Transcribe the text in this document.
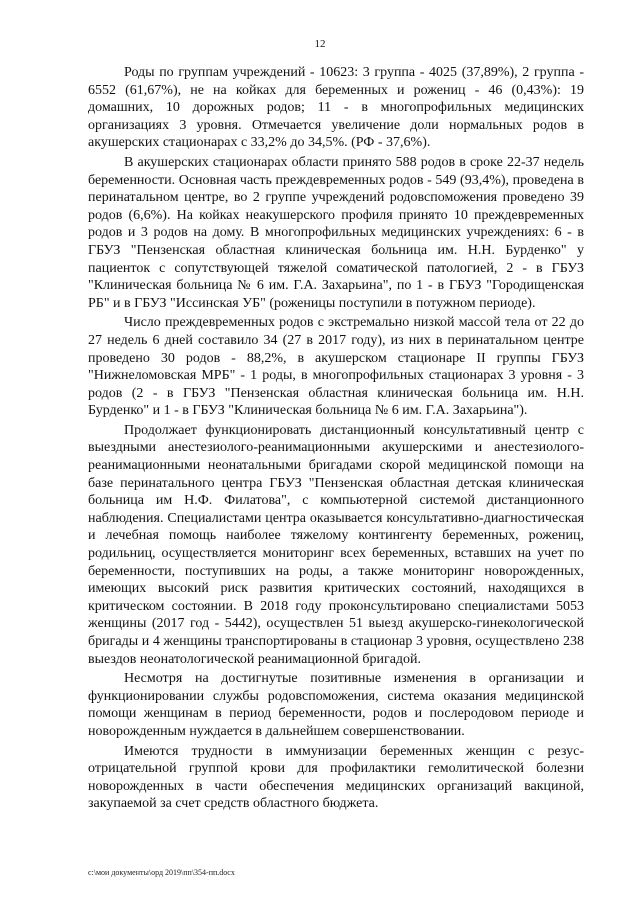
12

Роды по группам учреждений - 10623: 3 группа - 4025 (37,89%), 2 группа - 6552 (61,67%), не на койках для беременных и рожениц - 46 (0,43%): 19 домашних, 10 дорожных родов; 11 - в многопрофильных медицинских организациях 3 уровня. Отмечается увеличение доли нормальных родов в акушерских стационарах с 33,2% до 34,5%. (РФ - 37,6%).

В акушерских стационарах области принято 588 родов в сроке 22-37 недель беременности. Основная часть преждевременных родов - 549 (93,4%), проведена в перинатальном центре, во 2 группе учреждений родовспоможения проведено 39 родов (6,6%). На койках неакушерского профиля принято 10 преждевременных родов и 3 родов на дому. В многопрофильных медицинских учреждениях: 6 - в ГБУЗ "Пензенская областная клиническая больница им. Н.Н. Бурденко" у пациенток с сопутствующей тяжелой соматической патологией, 2 - в ГБУЗ "Клиническая больница № 6 им. Г.А. Захарьина", по 1 - в ГБУЗ "Городищенская РБ" и в ГБУЗ "Иссинская УБ" (роженицы поступили в потужном периоде).

Число преждевременных родов с экстремально низкой массой тела от 22 до 27 недель 6 дней составило 34 (27 в 2017 году), из них в перинатальном центре проведено 30 родов - 88,2%, в акушерском стационаре II группы ГБУЗ "Нижнеломовская МРБ" - 1 роды, в многопрофильных стационарах 3 уровня - 3 родов (2 - в ГБУЗ "Пензенская областная клиническая больница им. Н.Н. Бурденко" и 1 - в ГБУЗ "Клиническая больница № 6 им. Г.А. Захарьина").

Продолжает функционировать дистанционный консультативный центр с выездными анестезиолого-реанимационными акушерскими и анестезиолого-реанимационными неонатальными бригадами скорой медицинской помощи на базе перинатального центра ГБУЗ "Пензенская областная детская клиническая больница им Н.Ф. Филатова", с компьютерной системой дистанционного наблюдения. Специалистами центра оказывается консультативно-диагностическая и лечебная помощь наиболее тяжелому контингенту беременных, рожениц, родильниц, осуществляется мониторинг всех беременных, вставших на учет по беременности, поступивших на роды, а также мониторинг новорожденных, имеющих высокий риск развития критических состояний, находящихся в критическом состоянии. В 2018 году проконсультировано специалистами 5053 женщины (2017 год - 5442), осуществлен 51 выезд акушерско-гинекологической бригады и 4 женщины транспортированы в стационар 3 уровня, осуществлено 238 выездов неонатологической реанимационной бригадой.

Несмотря на достигнутые позитивные изменения в организации и функционировании службы родовспоможения, система оказания медицинской помощи женщинам в период беременности, родов и послеродовом периоде и новорожденным нуждается в дальнейшем совершенствовании.

Имеются трудности в иммунизации беременных женщин с резус-отрицательной группой крови для профилактики гемолитической болезни новорожденных в части обеспечения медицинских организаций вакциной, закупаемой за счет средств областного бюджета.

c:\мои документы\орд 2019\пп\354-пп.docx
